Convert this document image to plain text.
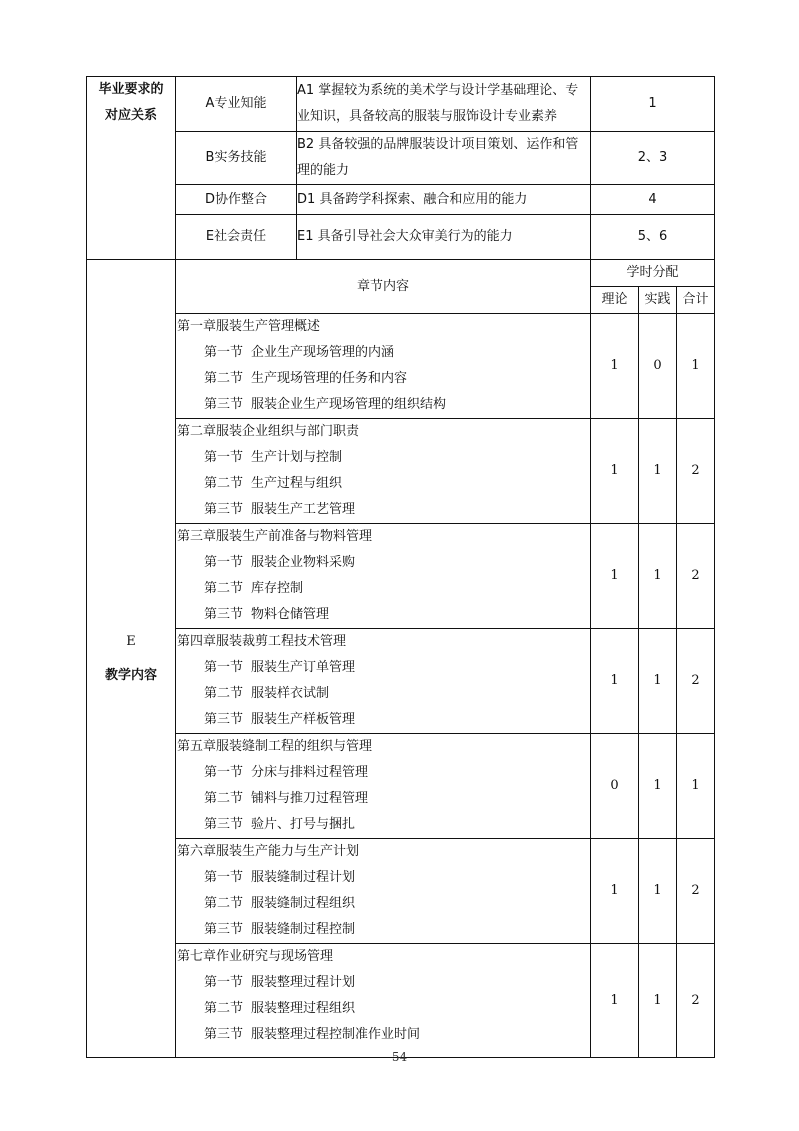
毕业要求的
对应关系	A专业知能	A1 掌握较为系统的美术学与设计学基础理论、专业知识，具备较高的服装与服饰设计专业素养	1		
	B实务技能	B2 具备较强的品牌服装设计项目策划、运作和管理的能力	2、3		
	D协作整合	D1 具备跨学科探索、融合和应用的能力	4		
	E社会责任	E1 具备引导社会大众审美行为的能力	5、6		

E
教学内容	章节内容		学时分配		
			理论	实践	合计

	第一章服装生产管理概述
第一节 企业生产现场管理的内涵
第二节 生产现场管理的任务和内容
第三节 服装企业生产现场管理的组织结构		1	0	1

	第二章服装企业组织与部门职责
第一节 生产计划与控制
第二节 生产过程与组织
第三节 服装生产工艺管理		1	1	2

	第三章服装生产前准备与物料管理
第一节 服装企业物料采购
第二节 库存控制
第三节 物料仓储管理		1	1	2

	第四章服装裁剪工程技术管理
第一节 服装生产订单管理
第二节 服装样衣试制
第三节 服装生产样板管理		1	1	2

	第五章服装缝制工程的组织与管理
第一节 分床与排料过程管理
第二节 铺料与推刀过程管理
第三节 验片、打号与捆扎		0	1	1

	第六章服装生产能力与生产计划
第一节 服装缝制过程计划
第二节 服装缝制过程组织
第三节 服装缝制过程控制		1	1	2

	第七章作业研究与现场管理
第一节 服装整理过程计划
第二节 服装整理过程组织
第三节 服装整理过程控制准作业时间		1	1	2
54
